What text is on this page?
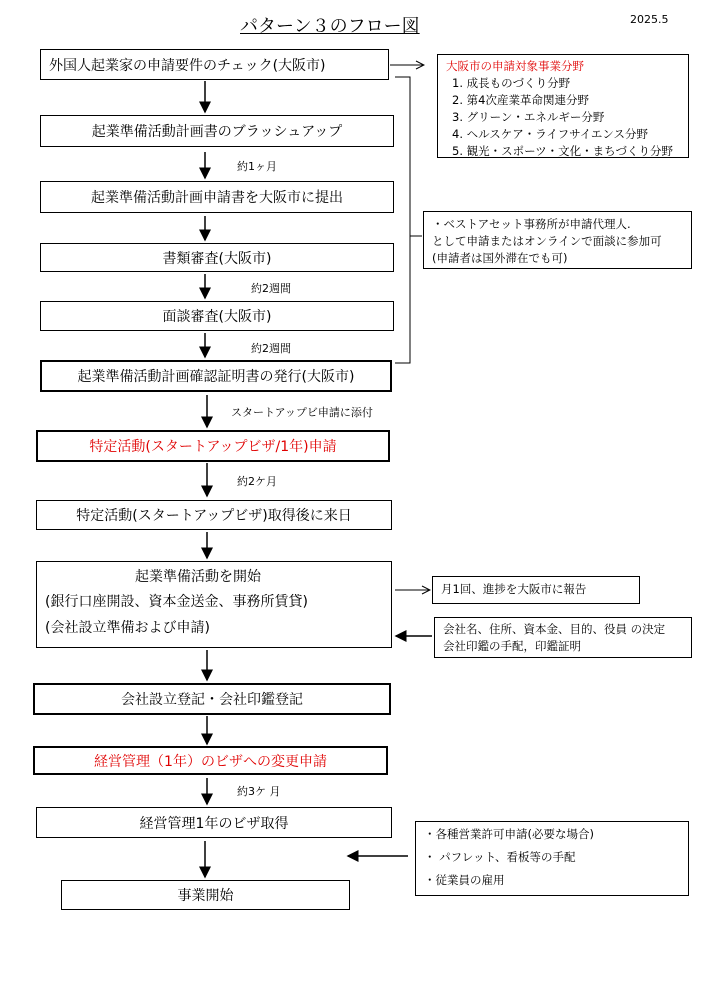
パターン３のフロー図	2025.5
外国人起業家の申請要件のチェック(大阪市)
起業準備活動計画書のブラッシュアップ
起業準備活動計画申請書を大阪市に提出
書類審査(大阪市)
面談審査(大阪市)
起業準備活動計画確認証明書の発行(大阪市)
特定活動(スタートアップビザ/1年)申請
特定活動(スタートアップビザ)取得後に来日
起業準備活動を開始
(銀行口座開設、資本金送金、事務所賃貸)
(会社設立準備および申請)
会社設立登記・会社印鑑登記
経営管理（1年）のビザへの変更申請
経営管理1年のビザ取得
事業開始
約1ヶ月
約2週間
約2週間
スタートアップビ申請に添付
約2ケ月
約3ケ 月
大阪市の申請対象事業分野
1. 成長ものづくり分野
2. 第4次産業革命関連分野
3. グリーン・エネルギー分野
4. ヘルスケア・ライフサイエンス分野
5. 観光・スポーツ・文化・まちづくり分野
・ベストアセット事務所が申請代理人.
として申請またはオンラインで面談に参加可
(申請者は国外滞在でも可)
月1回、進捗を大阪市に報告
会社名、住所、資本金、目的、役員 の決定
会社印鑑の手配，印鑑証明
・各種営業許可申請(必要な場合)
・ パフレット、看板等の手配
・従業員の雇用
